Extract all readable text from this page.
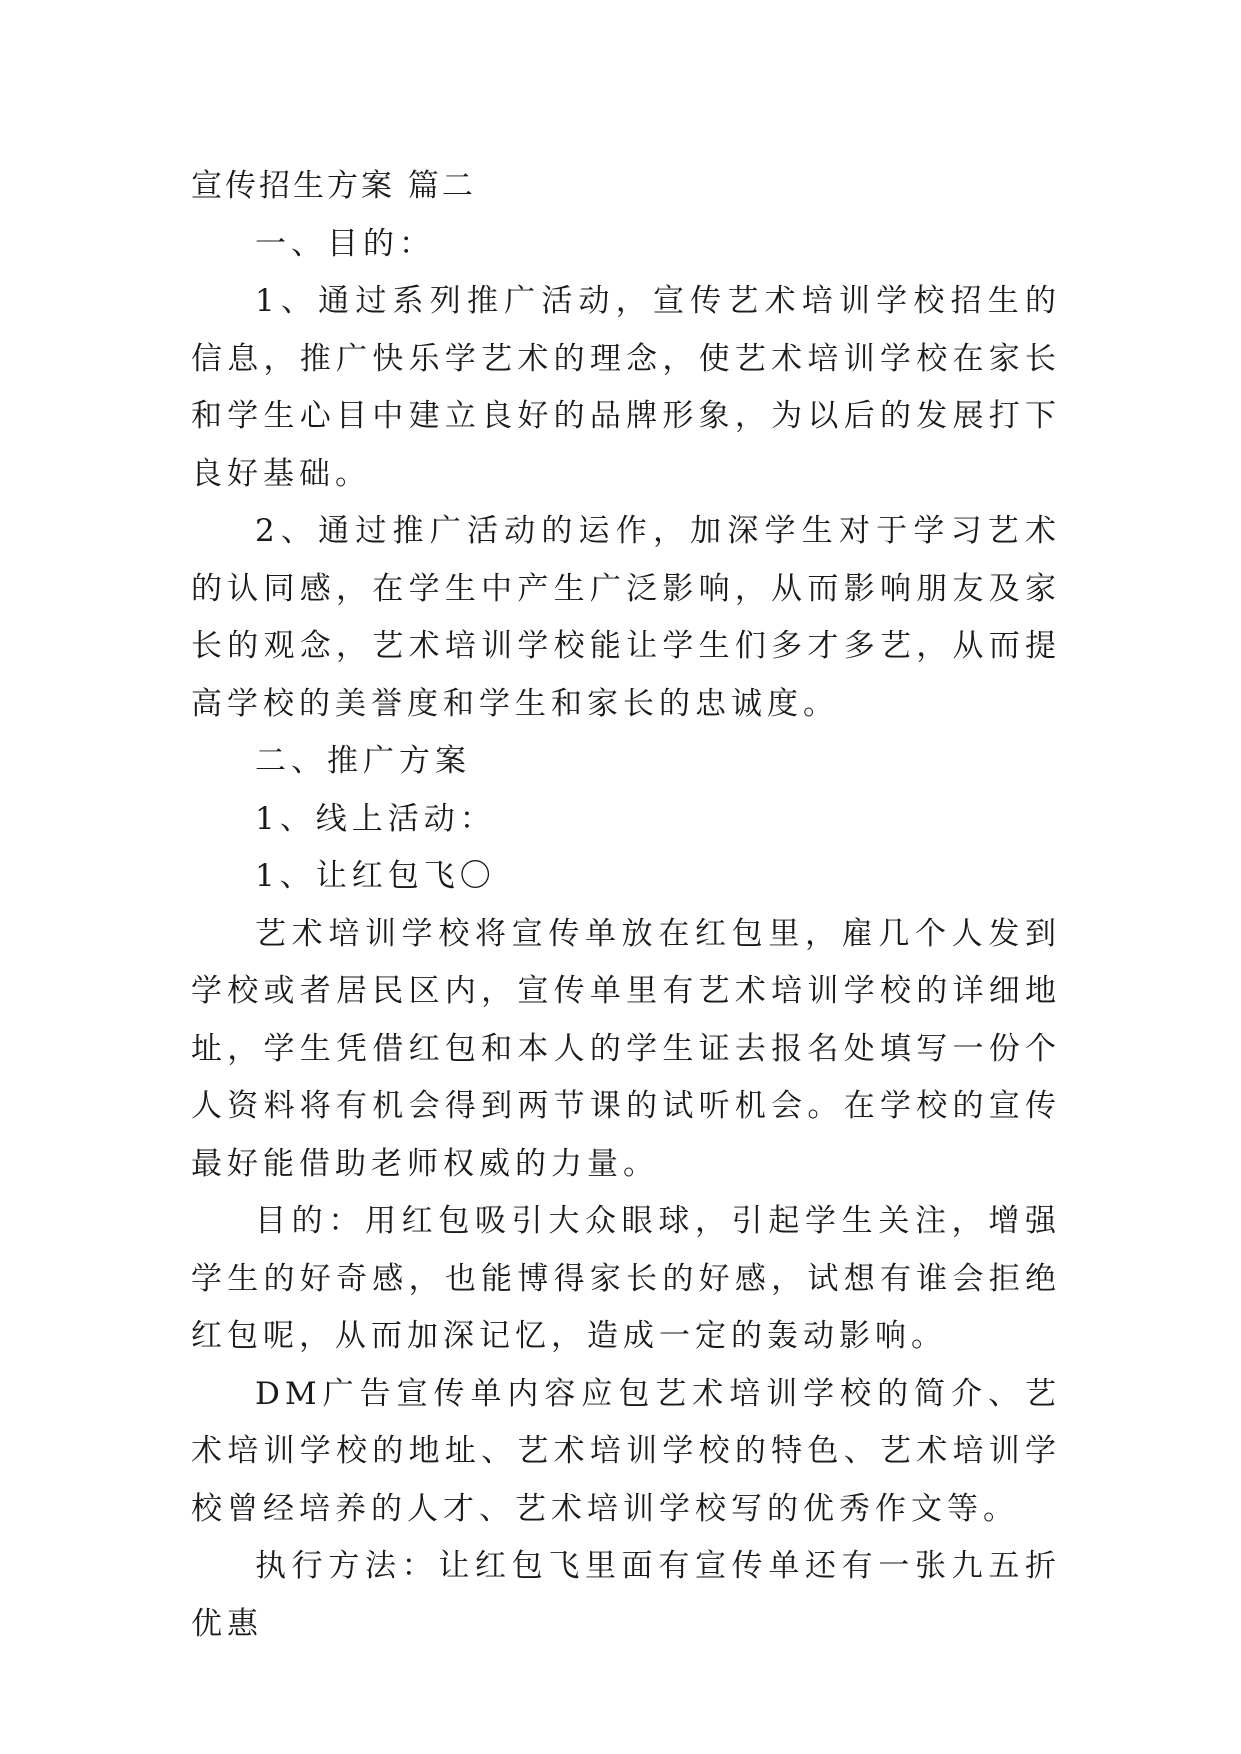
宣传招生方案 篇二

一、目的：

1、通过系列推广活动，宣传艺术培训学校招生的信息，推广快乐学艺术的理念，使艺术培训学校在家长和学生心目中建立良好的品牌形象，为以后的发展打下良好基础。

2、通过推广活动的运作，加深学生对于学习艺术的认同感，在学生中产生广泛影响，从而影响朋友及家长的观念，艺术培训学校能让学生们多才多艺，从而提高学校的美誉度和学生和家长的忠诚度。

二、推广方案

1、线上活动：

1、让红包飞〇

艺术培训学校将宣传单放在红包里，雇几个人发到学校或者居民区内，宣传单里有艺术培训学校的详细地址，学生凭借红包和本人的学生证去报名处填写一份个人资料将有机会得到两节课的试听机会。在学校的宣传最好能借助老师权威的力量。

目的：用红包吸引大众眼球，引起学生关注，增强学生的好奇感，也能博得家长的好感，试想有谁会拒绝红包呢，从而加深记忆，造成一定的轰动影响。

DM广告宣传单内容应包艺术培训学校的简介、艺术培训学校的地址、艺术培训学校的特色、艺术培训学校曾经培养的人才、艺术培训学校写的优秀作文等。

执行方法：让红包飞里面有宣传单还有一张九五折优惠
